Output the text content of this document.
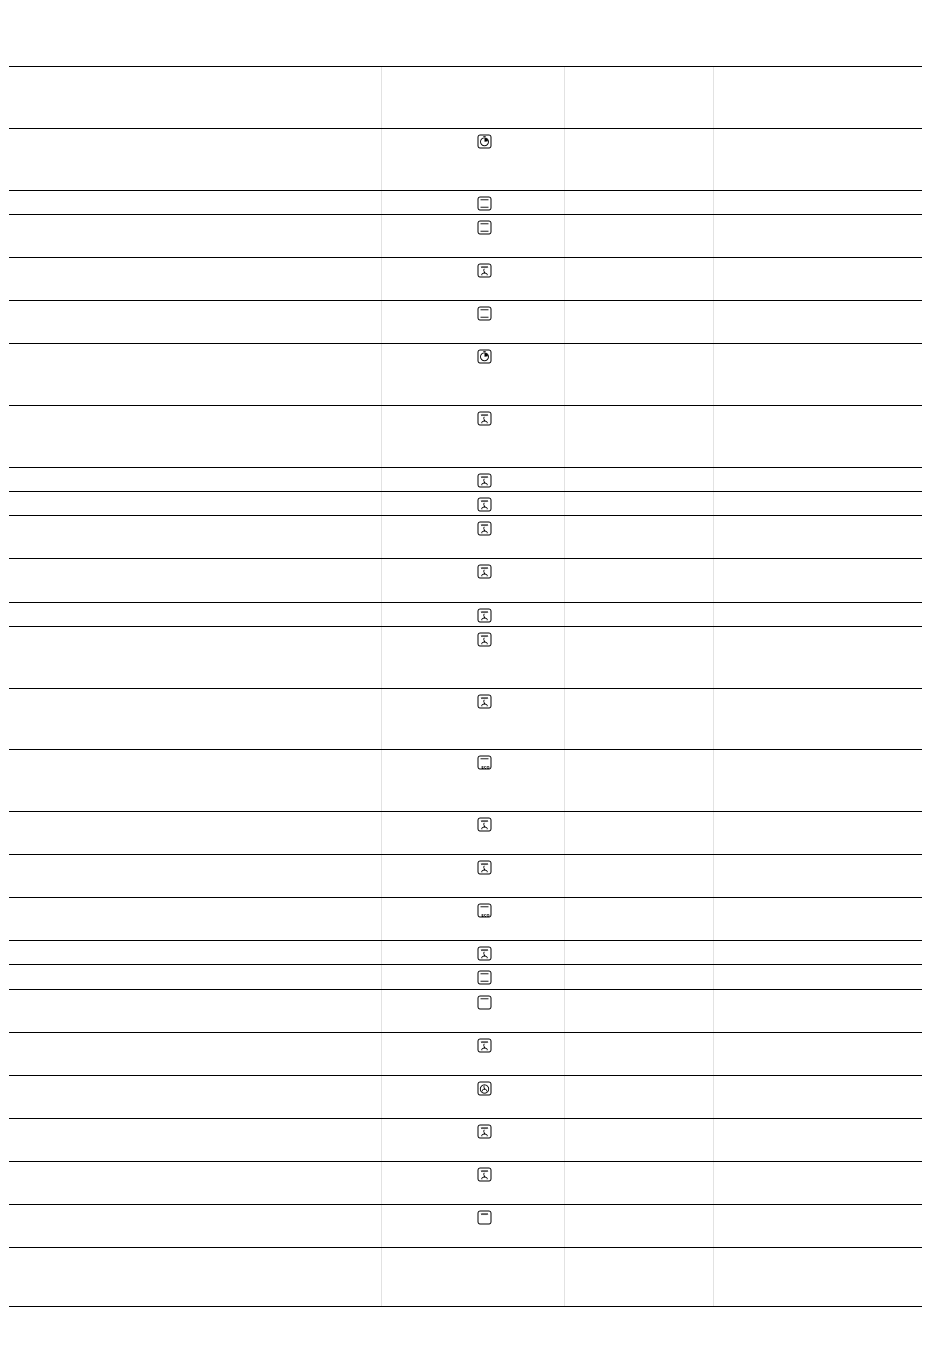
ECO
ECO
